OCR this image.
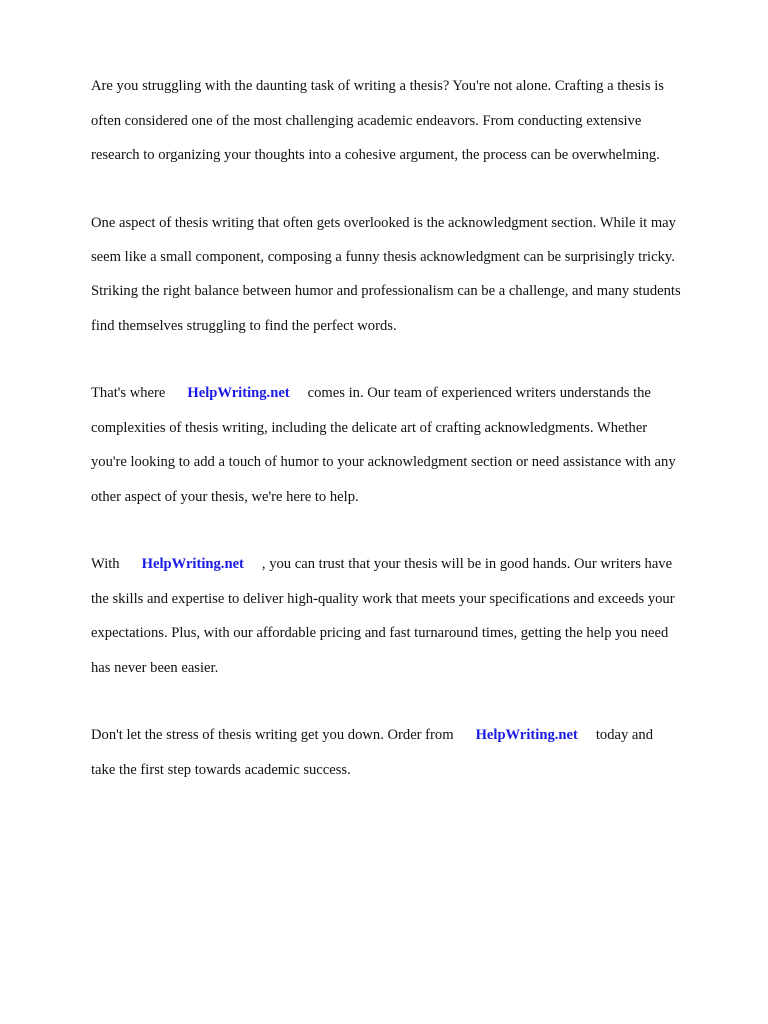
Are you struggling with the daunting task of writing a thesis? You're not alone. Crafting a thesis is

often considered one of the most challenging academic endeavors. From conducting extensive

research to organizing your thoughts into a cohesive argument, the process can be overwhelming.

One aspect of thesis writing that often gets overlooked is the acknowledgment section. While it may

seem like a small component, composing a funny thesis acknowledgment can be surprisingly tricky.

Striking the right balance between humor and professionalism can be a challenge, and many students

find themselves struggling to find the perfect words.

That's where HelpWriting.net comes in. Our team of experienced writers understands the

complexities of thesis writing, including the delicate art of crafting acknowledgments. Whether

you're looking to add a touch of humor to your acknowledgment section or need assistance with any

other aspect of your thesis, we're here to help.

With HelpWriting.net , you can trust that your thesis will be in good hands. Our writers have

the skills and expertise to deliver high-quality work that meets your specifications and exceeds your

expectations. Plus, with our affordable pricing and fast turnaround times, getting the help you need

has never been easier.

Don't let the stress of thesis writing get you down. Order from HelpWriting.net today and

take the first step towards academic success.
